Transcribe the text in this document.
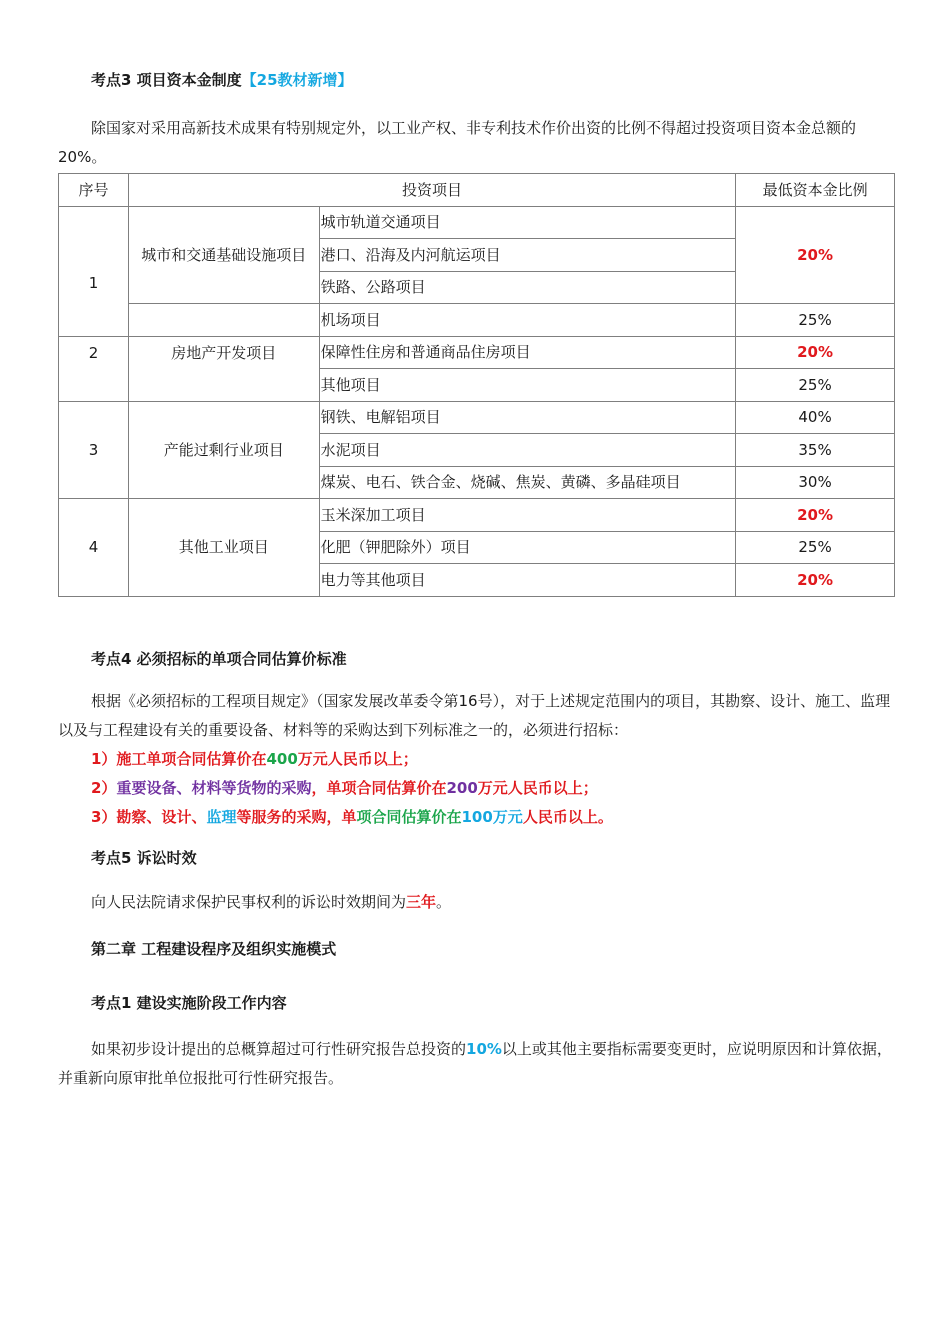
考点3 项目资本金制度【25教材新增】

除国家对采用高新技术成果有特别规定外，以工业产权、非专利技术作价出资的比例不得超过投资项目资本金总额的20%。

序号	投资项目		最低资本金比例
1	城市和交通基础设施项目	城市轨道交通项目	20%
		港口、沿海及内河航运项目	
		铁路、公路项目	
		机场项目	25%
2	房地产开发项目	保障性住房和普通商品住房项目	20%
		其他项目	25%
3	产能过剩行业项目	钢铁、电解铝项目	40%
		水泥项目	35%
		煤炭、电石、铁合金、烧碱、焦炭、黄磷、多晶硅项目	30%
4	其他工业项目	玉米深加工项目	20%
		化肥（钾肥除外）项目	25%
		电力等其他项目	20%

考点4 必须招标的单项合同估算价标准

根据《必须招标的工程项目规定》（国家发展改革委令第16号），对于上述规定范围内的项目，其勘察、设计、施工、监理以及与工程建设有关的重要设备、材料等的采购达到下列标准之一的，必须进行招标：

1）施工单项合同估算价在400万元人民币以上；

2）重要设备、材料等货物的采购，单项合同估算价在200万元人民币以上；

3）勘察、设计、监理等服务的采购，单项合同估算价在100万元人民币以上。

考点5 诉讼时效

向人民法院请求保护民事权利的诉讼时效期间为三年。

第二章 工程建设程序及组织实施模式

考点1 建设实施阶段工作内容

如果初步设计提出的总概算超过可行性研究报告总投资的10%以上或其他主要指标需要变更时，应说明原因和计算依据，并重新向原审批单位报批可行性研究报告。
